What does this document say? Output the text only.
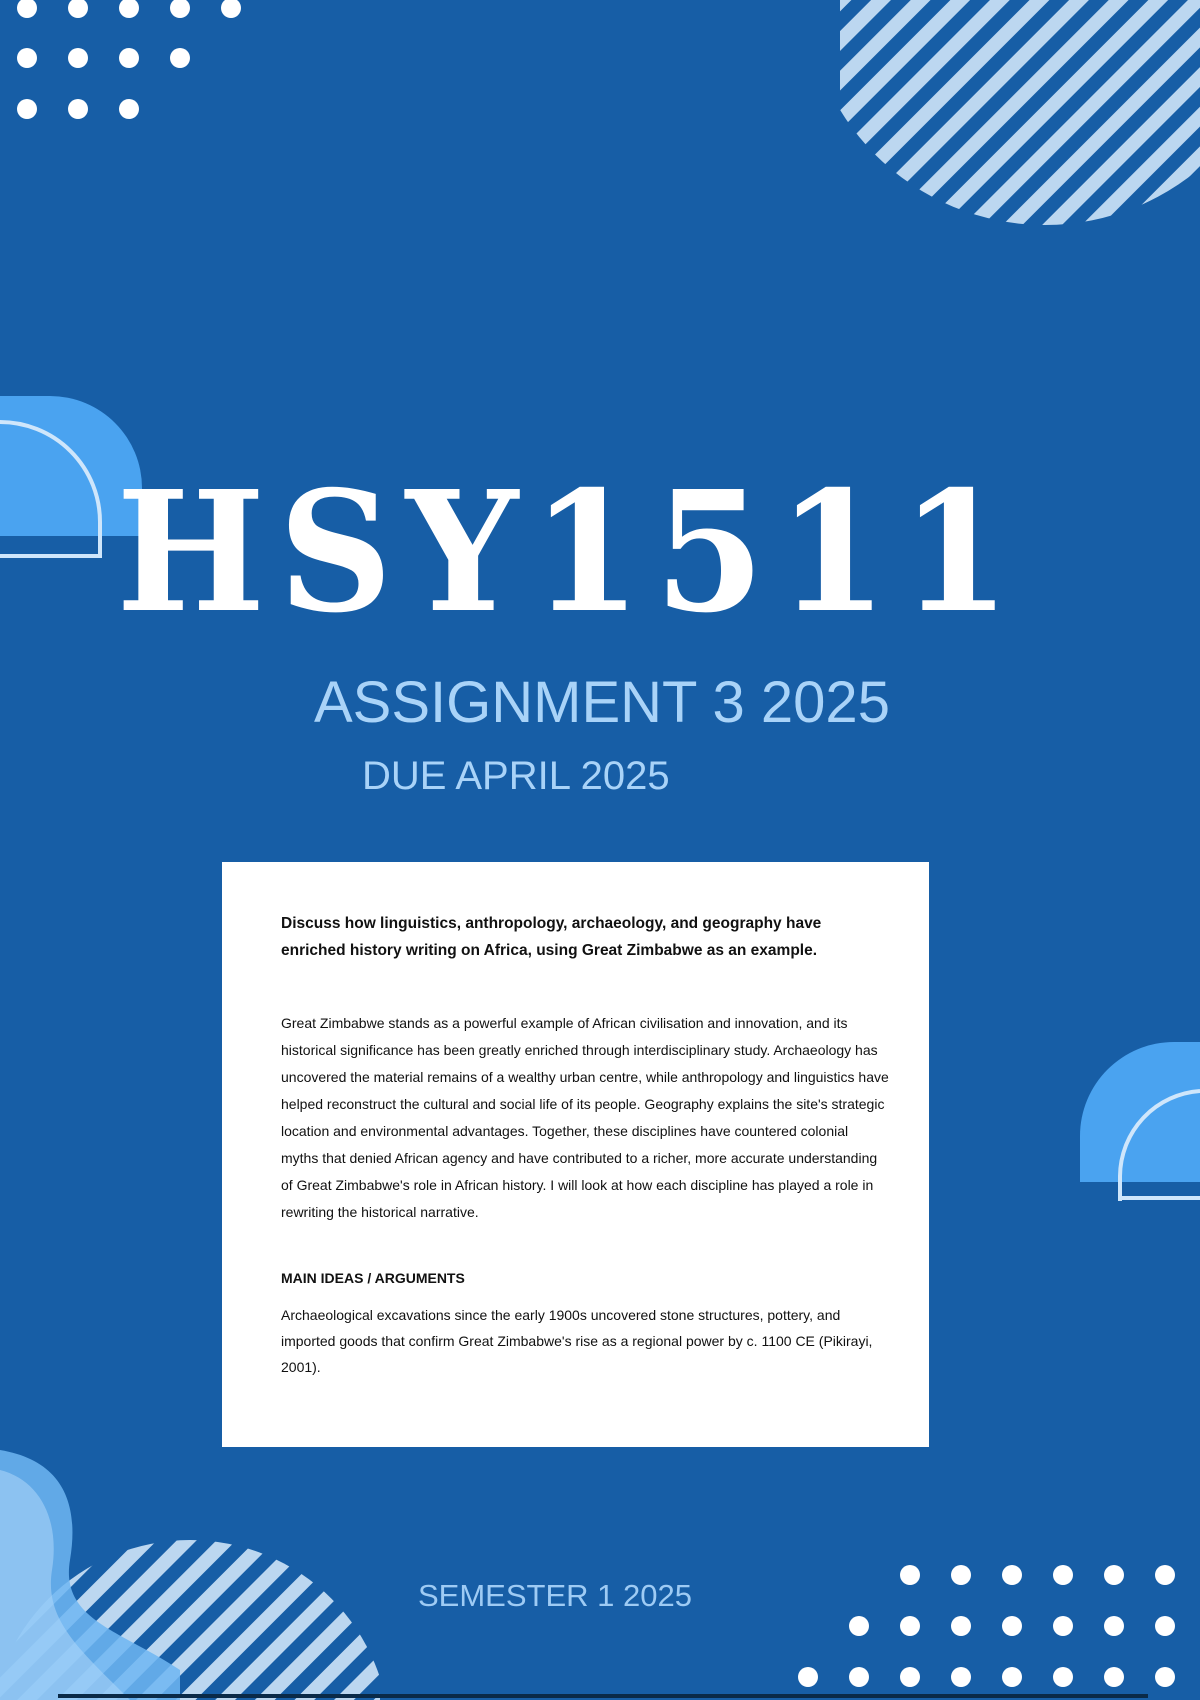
HSY1511
ASSIGNMENT 3 2025
DUE APRIL 2025

Discuss how linguistics, anthropology, archaeology, and geography have enriched history writing on Africa, using Great Zimbabwe as an example.

Great Zimbabwe stands as a powerful example of African civilisation and innovation, and its historical significance has been greatly enriched through interdisciplinary study. Archaeology has uncovered the material remains of a wealthy urban centre, while anthropology and linguistics have helped reconstruct the cultural and social life of its people. Geography explains the site's strategic location and environmental advantages. Together, these disciplines have countered colonial myths that denied African agency and have contributed to a richer, more accurate understanding of Great Zimbabwe's role in African history. I will look at how each discipline has played a role in rewriting the historical narrative.

MAIN IDEAS / ARGUMENTS

Archaeological excavations since the early 1900s uncovered stone structures, pottery, and imported goods that confirm Great Zimbabwe's rise as a regional power by c. 1100 CE (Pikirayi, 2001).

SEMESTER 1 2025
